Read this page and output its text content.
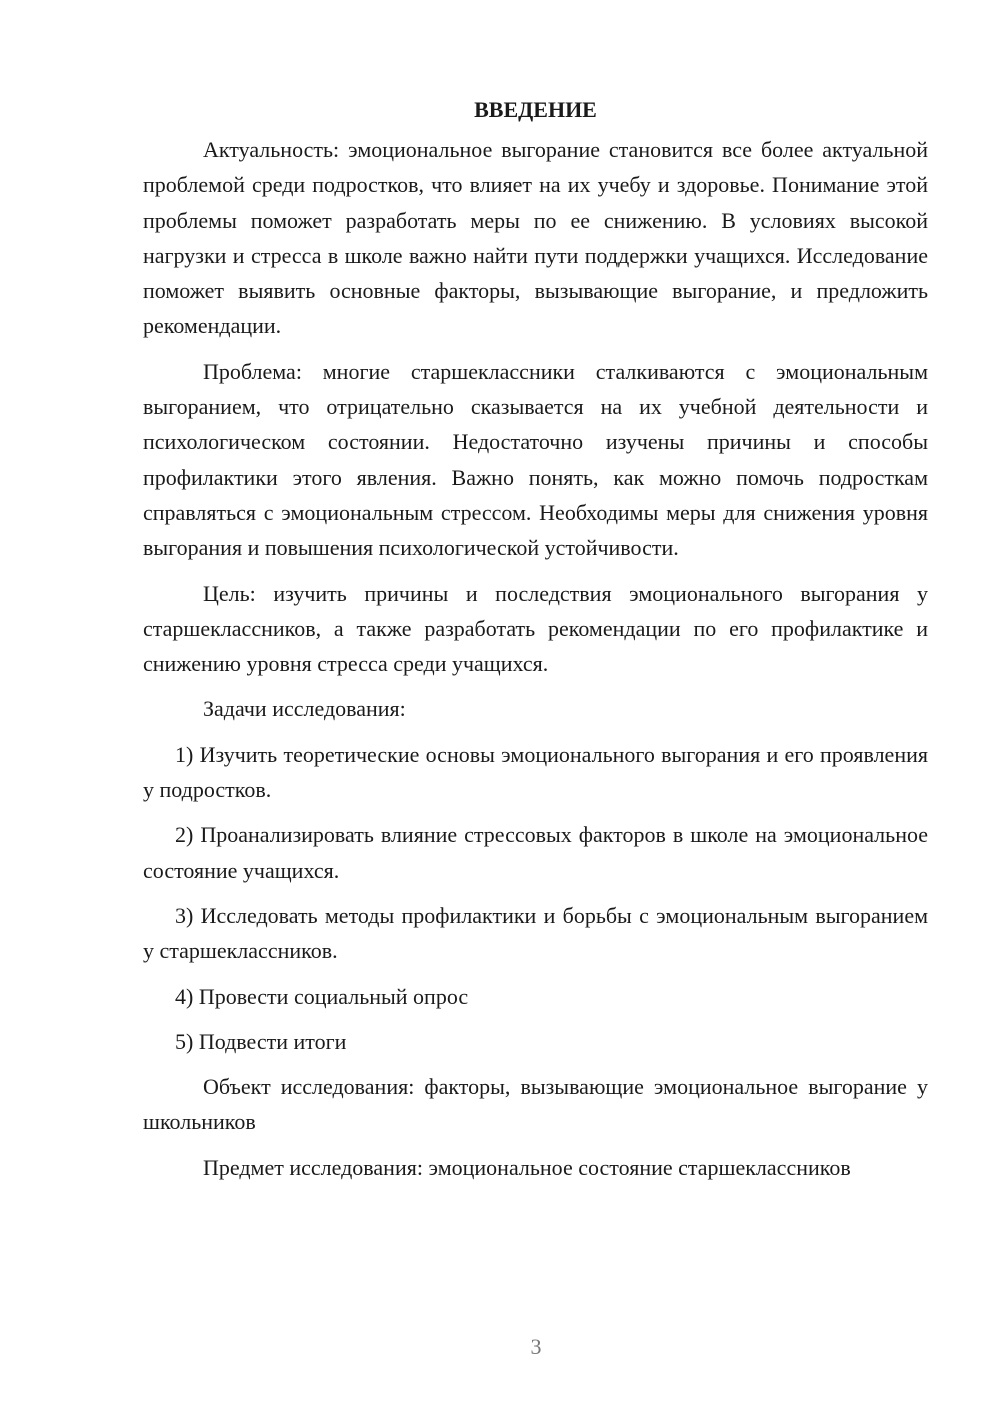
ВВЕДЕНИЕ

Актуальность: эмоциональное выгорание становится все более актуальной проблемой среди подростков, что влияет на их учебу и здоровье. Понимание этой проблемы поможет разработать меры по ее снижению. В условиях высокой нагрузки и стресса в школе важно найти пути поддержки учащихся. Исследование поможет выявить основные факторы, вызывающие выгорание, и предложить рекомендации.

Проблема: многие старшеклассники сталкиваются с эмоциональным выгоранием, что отрицательно сказывается на их учебной деятельности и психологическом состоянии. Недостаточно изучены причины и способы профилактики этого явления. Важно понять, как можно помочь подросткам справляться с эмоциональным стрессом. Необходимы меры для снижения уровня выгорания и повышения психологической устойчивости.

Цель: изучить причины и последствия эмоционального выгорания у старшеклассников, а также разработать рекомендации по его профилактике и снижению уровня стресса среди учащихся.

Задачи исследования:

1) Изучить теоретические основы эмоционального выгорания и его проявления у подростков.

2) Проанализировать влияние стрессовых факторов в школе на эмоциональное состояние учащихся.

3) Исследовать методы профилактики и борьбы с эмоциональным выгоранием у старшеклассников.

4) Провести социальный опрос

5) Подвести итоги

Объект исследования: факторы, вызывающие эмоциональное выгорание у школьников

Предмет исследования: эмоциональное состояние старшеклассников

3
